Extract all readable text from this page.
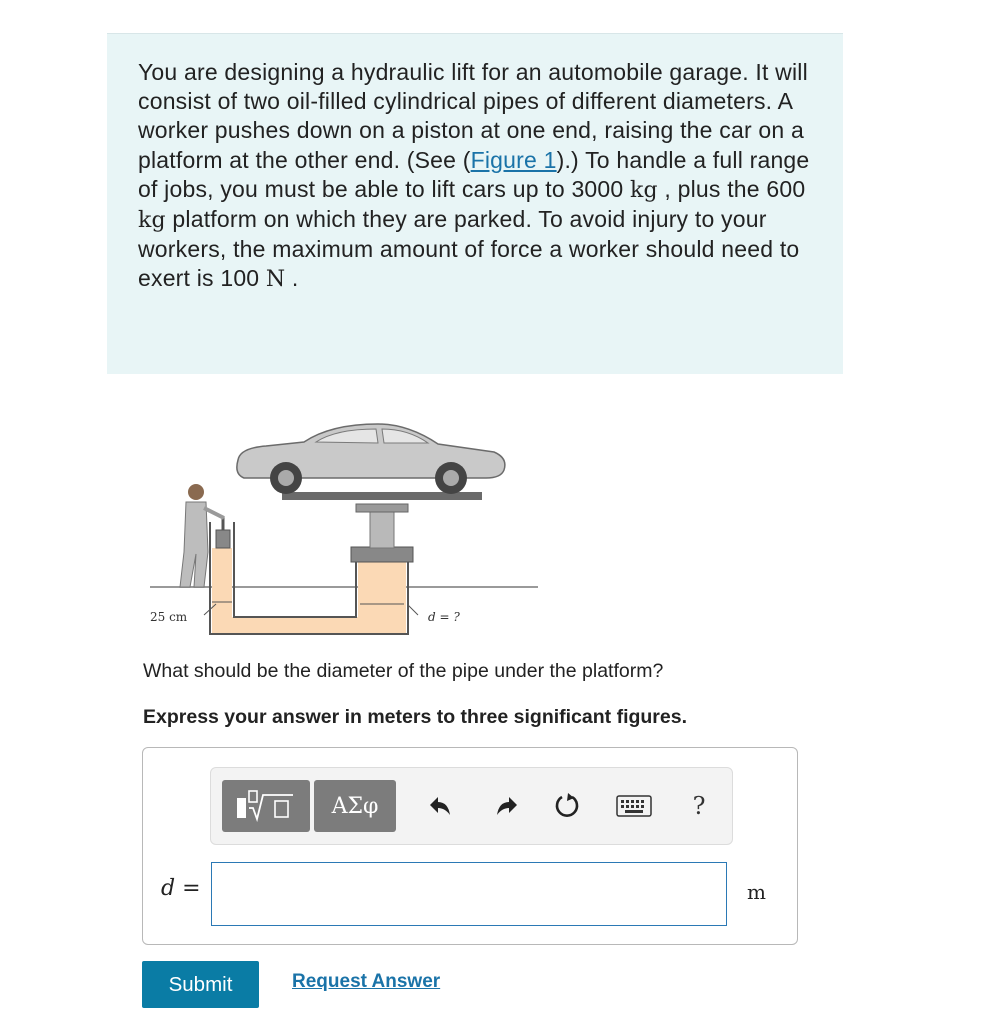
You are designing a hydraulic lift for an automobile garage. It will consist of two oil-filled cylindrical pipes of different diameters. A worker pushes down on a piston at one end, raising the car on a platform at the other end. (See (Figure 1).) To handle a full range of jobs, you must be able to lift cars up to 3000 kg , plus the 600 kg platform on which they are parked. To avoid injury to your workers, the maximum amount of force a worker should need to exert is 100 N .
25 cm	d = ?
What should be the diameter of the pipe under the platform?
Express your answer in meters to three significant figures.
ΑΣφ	?
d =	m
Submit	Request Answer
